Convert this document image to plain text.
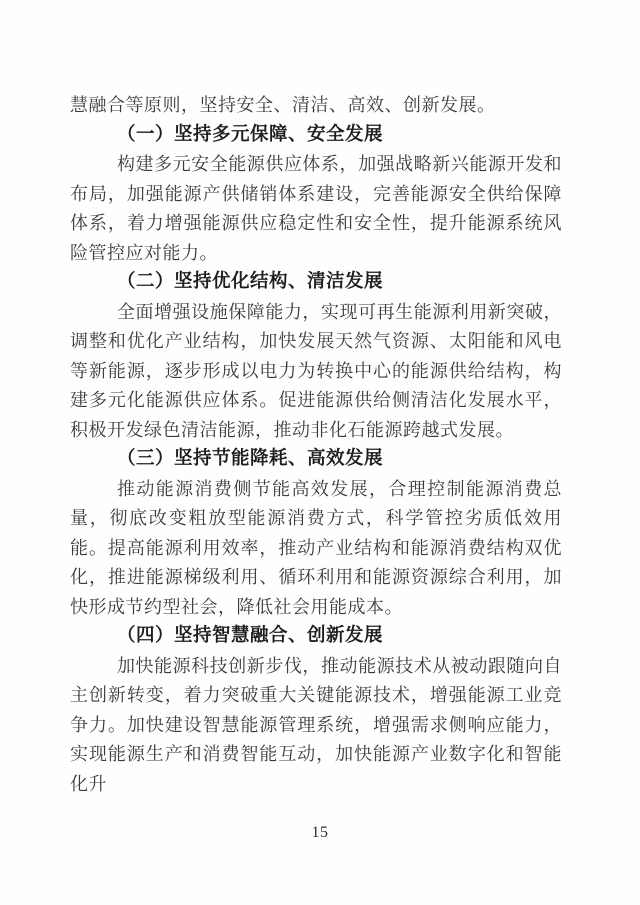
慧融合等原则，坚持安全、清洁、高效、创新发展。

（一）坚持多元保障、安全发展

构建多元安全能源供应体系，加强战略新兴能源开发和布局，加强能源产供储销体系建设，完善能源安全供给保障体系，着力增强能源供应稳定性和安全性，提升能源系统风险管控应对能力。

（二）坚持优化结构、清洁发展

全面增强设施保障能力，实现可再生能源利用新突破，调整和优化产业结构，加快发展天然气资源、太阳能和风电等新能源，逐步形成以电力为转换中心的能源供给结构，构建多元化能源供应体系。促进能源供给侧清洁化发展水平，积极开发绿色清洁能源，推动非化石能源跨越式发展。

（三）坚持节能降耗、高效发展

推动能源消费侧节能高效发展，合理控制能源消费总量，彻底改变粗放型能源消费方式，科学管控劣质低效用能。提高能源利用效率，推动产业结构和能源消费结构双优化，推进能源梯级利用、循环利用和能源资源综合利用，加快形成节约型社会，降低社会用能成本。

（四）坚持智慧融合、创新发展

加快能源科技创新步伐，推动能源技术从被动跟随向自主创新转变，着力突破重大关键能源技术，增强能源工业竞争力。加快建设智慧能源管理系统，增强需求侧响应能力，实现能源生产和消费智能互动，加快能源产业数字化和智能化升

15
